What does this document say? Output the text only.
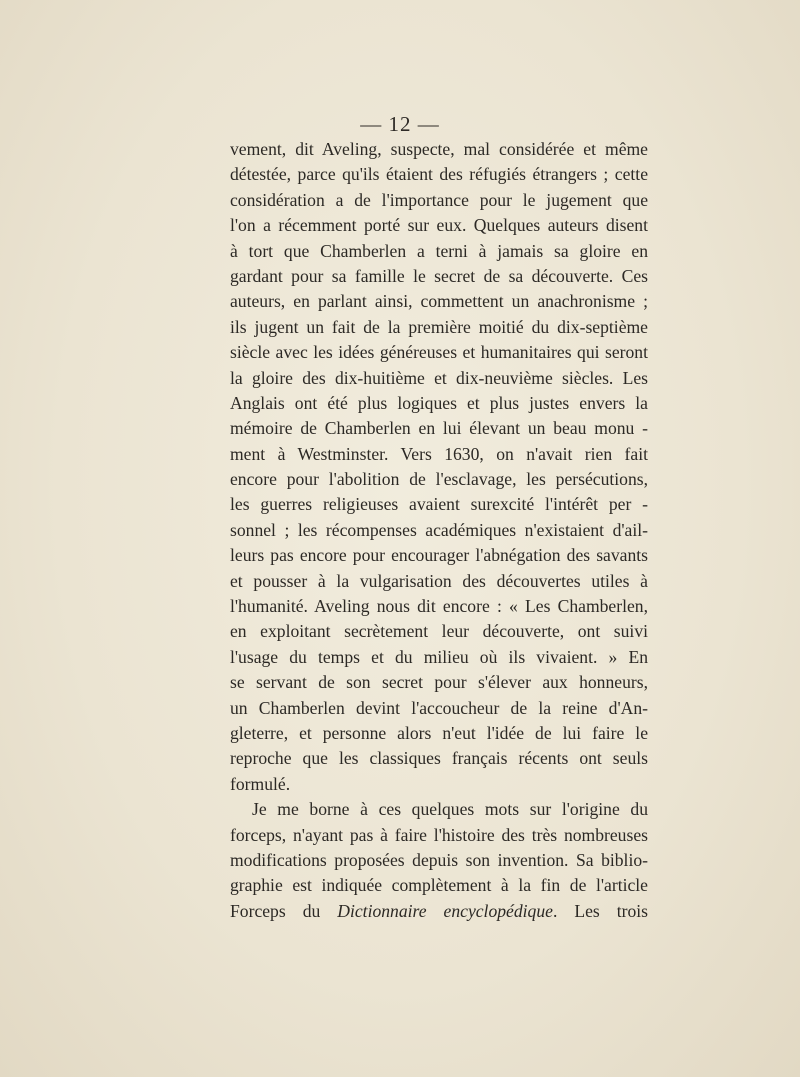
— 12 —
vement, dit Aveling, suspecte, mal considérée et même
détestée, parce qu'ils étaient des réfugiés étrangers ; cette
considération a de l'importance pour le jugement que
l'on a récemment porté sur eux. Quelques auteurs disent
à tort que Chamberlen a terni à jamais sa gloire en
gardant pour sa famille le secret de sa découverte. Ces
auteurs, en parlant ainsi, commettent un anachronisme ;
ils jugent un fait de la première moitié du dix-septième
siècle avec les idées généreuses et humanitaires qui seront
la gloire des dix-huitième et dix-neuvième siècles. Les
Anglais ont été plus logiques et plus justes envers la
mémoire de Chamberlen en lui élevant un beau monu -
ment à Westminster. Vers 1630, on n'avait rien fait
encore pour l'abolition de l'esclavage, les persécutions,
les guerres religieuses avaient surexcité l'intérêt per -
sonnel ; les récompenses académiques n'existaient d'ail-
leurs pas encore pour encourager l'abnégation des savants
et pousser à la vulgarisation des découvertes utiles à
l'humanité. Aveling nous dit encore : « Les Chamberlen,
en exploitant secrètement leur découverte, ont suivi
l'usage du temps et du milieu où ils vivaient. » En
se servant de son secret pour s'élever aux honneurs,
un Chamberlen devint l'accoucheur de la reine d'An-
gleterre, et personne alors n'eut l'idée de lui faire le
reproche que les classiques français récents ont seuls
formulé.
Je me borne à ces quelques mots sur l'origine du
forceps, n'ayant pas à faire l'histoire des très nombreuses
modifications proposées depuis son invention. Sa biblio-
graphie est indiquée complètement à la fin de l'article
Forceps du Dictionnaire encyclopédique. Les trois
